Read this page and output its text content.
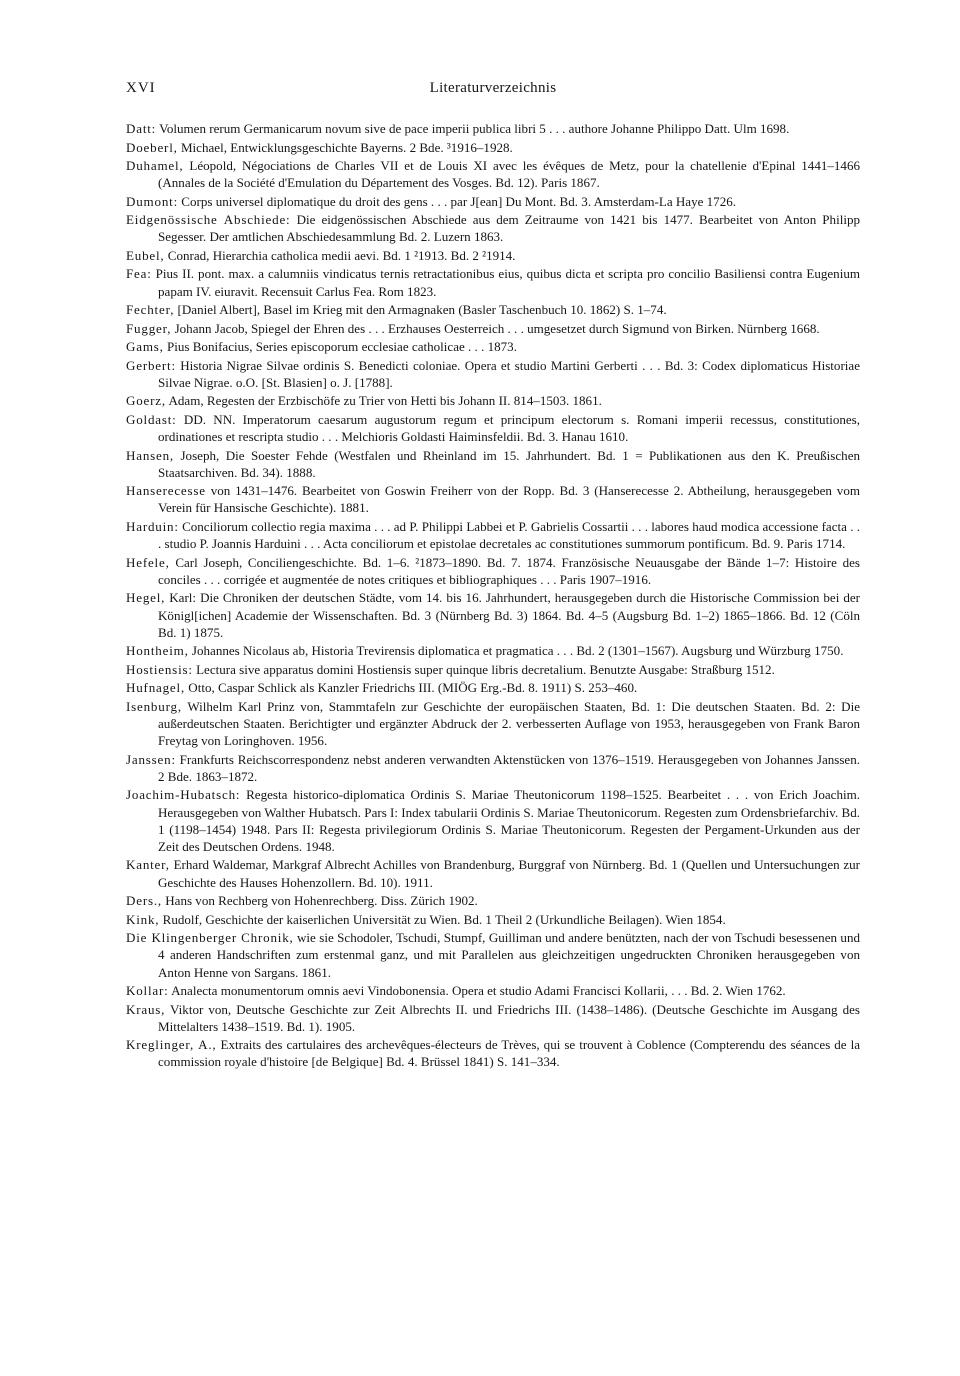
XVI	Literaturverzeichnis

Datt: Volumen rerum Germanicarum novum sive de pace imperii publica libri 5 . . . authore Johanne Philippo Datt. Ulm 1698.

Doeberl, Michael, Entwicklungsgeschichte Bayerns. 2 Bde. ³1916–1928.

Duhamel, Léopold, Négociations de Charles VII et de Louis XI avec les évêques de Metz, pour la chatellenie d'Epinal 1441–1466 (Annales de la Société d'Emulation du Département des Vosges. Bd. 12). Paris 1867.

Dumont: Corps universel diplomatique du droit des gens . . . par J[ean] Du Mont. Bd. 3. Amsterdam-La Haye 1726.

Eidgenössische Abschiede: Die eidgenössischen Abschiede aus dem Zeitraume von 1421 bis 1477. Bearbeitet von Anton Philipp Segesser. Der amtlichen Abschiedesammlung Bd. 2. Luzern 1863.

Eubel, Conrad, Hierarchia catholica medii aevi. Bd. 1 ²1913. Bd. 2 ²1914.

Fea: Pius II. pont. max. a calumniis vindicatus ternis retractationibus eius, quibus dicta et scripta pro concilio Basiliensi contra Eugenium papam IV. eiuravit. Recensuit Carlus Fea. Rom 1823.

Fechter, [Daniel Albert], Basel im Krieg mit den Armagnaken (Basler Taschenbuch 10. 1862) S. 1–74.

Fugger, Johann Jacob, Spiegel der Ehren des . . . Erzhauses Oesterreich . . . umgesetzet durch Sigmund von Birken. Nürnberg 1668.

Gams, Pius Bonifacius, Series episcoporum ecclesiae catholicae . . . 1873.

Gerbert: Historia Nigrae Silvae ordinis S. Benedicti coloniae. Opera et studio Martini Gerberti . . . Bd. 3: Codex diplomaticus Historiae Silvae Nigrae. o.O. [St. Blasien] o. J. [1788].

Goerz, Adam, Regesten der Erzbischöfe zu Trier von Hetti bis Johann II. 814–1503. 1861.

Goldast: DD. NN. Imperatorum caesarum augustorum regum et principum electorum s. Romani imperii recessus, constitutiones, ordinationes et rescripta studio . . . Melchioris Goldasti Haiminsfeldii. Bd. 3. Hanau 1610.

Hansen, Joseph, Die Soester Fehde (Westfalen und Rheinland im 15. Jahrhundert. Bd. 1 = Publikationen aus den K. Preußischen Staatsarchiven. Bd. 34). 1888.

Hanserecesse von 1431–1476. Bearbeitet von Goswin Freiherr von der Ropp. Bd. 3 (Hanserecesse 2. Abtheilung, herausgegeben vom Verein für Hansische Geschichte). 1881.

Harduin: Conciliorum collectio regia maxima . . . ad P. Philippi Labbei et P. Gabrielis Cossartii . . . labores haud modica accessione facta . . . studio P. Joannis Harduini . . . Acta conciliorum et epistolae decretales ac constitutiones summorum pontificum. Bd. 9. Paris 1714.

Hefele, Carl Joseph, Conciliengeschichte. Bd. 1–6. ²1873–1890. Bd. 7. 1874. Französische Neuausgabe der Bände 1–7: Histoire des conciles . . . corrigée et augmentée de notes critiques et bibliographiques . . . Paris 1907–1916.

Hegel, Karl: Die Chroniken der deutschen Städte, vom 14. bis 16. Jahrhundert, herausgegeben durch die Historische Commission bei der Königl[ichen] Academie der Wissenschaften. Bd. 3 (Nürnberg Bd. 3) 1864. Bd. 4–5 (Augsburg Bd. 1–2) 1865–1866. Bd. 12 (Cöln Bd. 1) 1875.

Hontheim, Johannes Nicolaus ab, Historia Trevirensis diplomatica et pragmatica . . . Bd. 2 (1301–1567). Augsburg und Würzburg 1750.

Hostiensis: Lectura sive apparatus domini Hostiensis super quinque libris decretalium. Benutzte Ausgabe: Straßburg 1512.

Hufnagel, Otto, Caspar Schlick als Kanzler Friedrichs III. (MIÖG Erg.-Bd. 8. 1911) S. 253–460.

Isenburg, Wilhelm Karl Prinz von, Stammtafeln zur Geschichte der europäischen Staaten, Bd. 1: Die deutschen Staaten. Bd. 2: Die außerdeutschen Staaten. Berichtigter und ergänzter Abdruck der 2. verbesserten Auflage von 1953, herausgegeben von Frank Baron Freytag von Loringhoven. 1956.

Janssen: Frankfurts Reichscorrespondenz nebst anderen verwandten Aktenstücken von 1376–1519. Herausgegeben von Johannes Janssen. 2 Bde. 1863–1872.

Joachim-Hubatsch: Regesta historico-diplomatica Ordinis S. Mariae Theutonicorum 1198–1525. Bearbeitet . . . von Erich Joachim. Herausgegeben von Walther Hubatsch. Pars I: Index tabularii Ordinis S. Mariae Theutonicorum. Regesten zum Ordensbriefarchiv. Bd. 1 (1198–1454) 1948. Pars II: Regesta privilegiorum Ordinis S. Mariae Theutonicorum. Regesten der Pergament-Urkunden aus der Zeit des Deutschen Ordens. 1948.

Kanter, Erhard Waldemar, Markgraf Albrecht Achilles von Brandenburg, Burggraf von Nürnberg. Bd. 1 (Quellen und Untersuchungen zur Geschichte des Hauses Hohenzollern. Bd. 10). 1911.

Ders., Hans von Rechberg von Hohenrechberg. Diss. Zürich 1902.

Kink, Rudolf, Geschichte der kaiserlichen Universität zu Wien. Bd. 1 Theil 2 (Urkundliche Beilagen). Wien 1854.

Die Klingenberger Chronik, wie sie Schodoler, Tschudi, Stumpf, Guilliman und andere benützten, nach der von Tschudi besessenen und 4 anderen Handschriften zum erstenmal ganz, und mit Parallelen aus gleichzeitigen ungedruckten Chroniken herausgegeben von Anton Henne von Sargans. 1861.

Kollar: Analecta monumentorum omnis aevi Vindobonensia. Opera et studio Adami Francisci Kollarii, . . . Bd. 2. Wien 1762.

Kraus, Viktor von, Deutsche Geschichte zur Zeit Albrechts II. und Friedrichs III. (1438–1486). (Deutsche Geschichte im Ausgang des Mittelalters 1438–1519. Bd. 1). 1905.

Kreglinger, A., Extraits des cartulaires des archevêques-électeurs de Trèves, qui se trouvent à Coblence (Compterendu des séances de la commission royale d'histoire [de Belgique] Bd. 4. Brüssel 1841) S. 141–334.
